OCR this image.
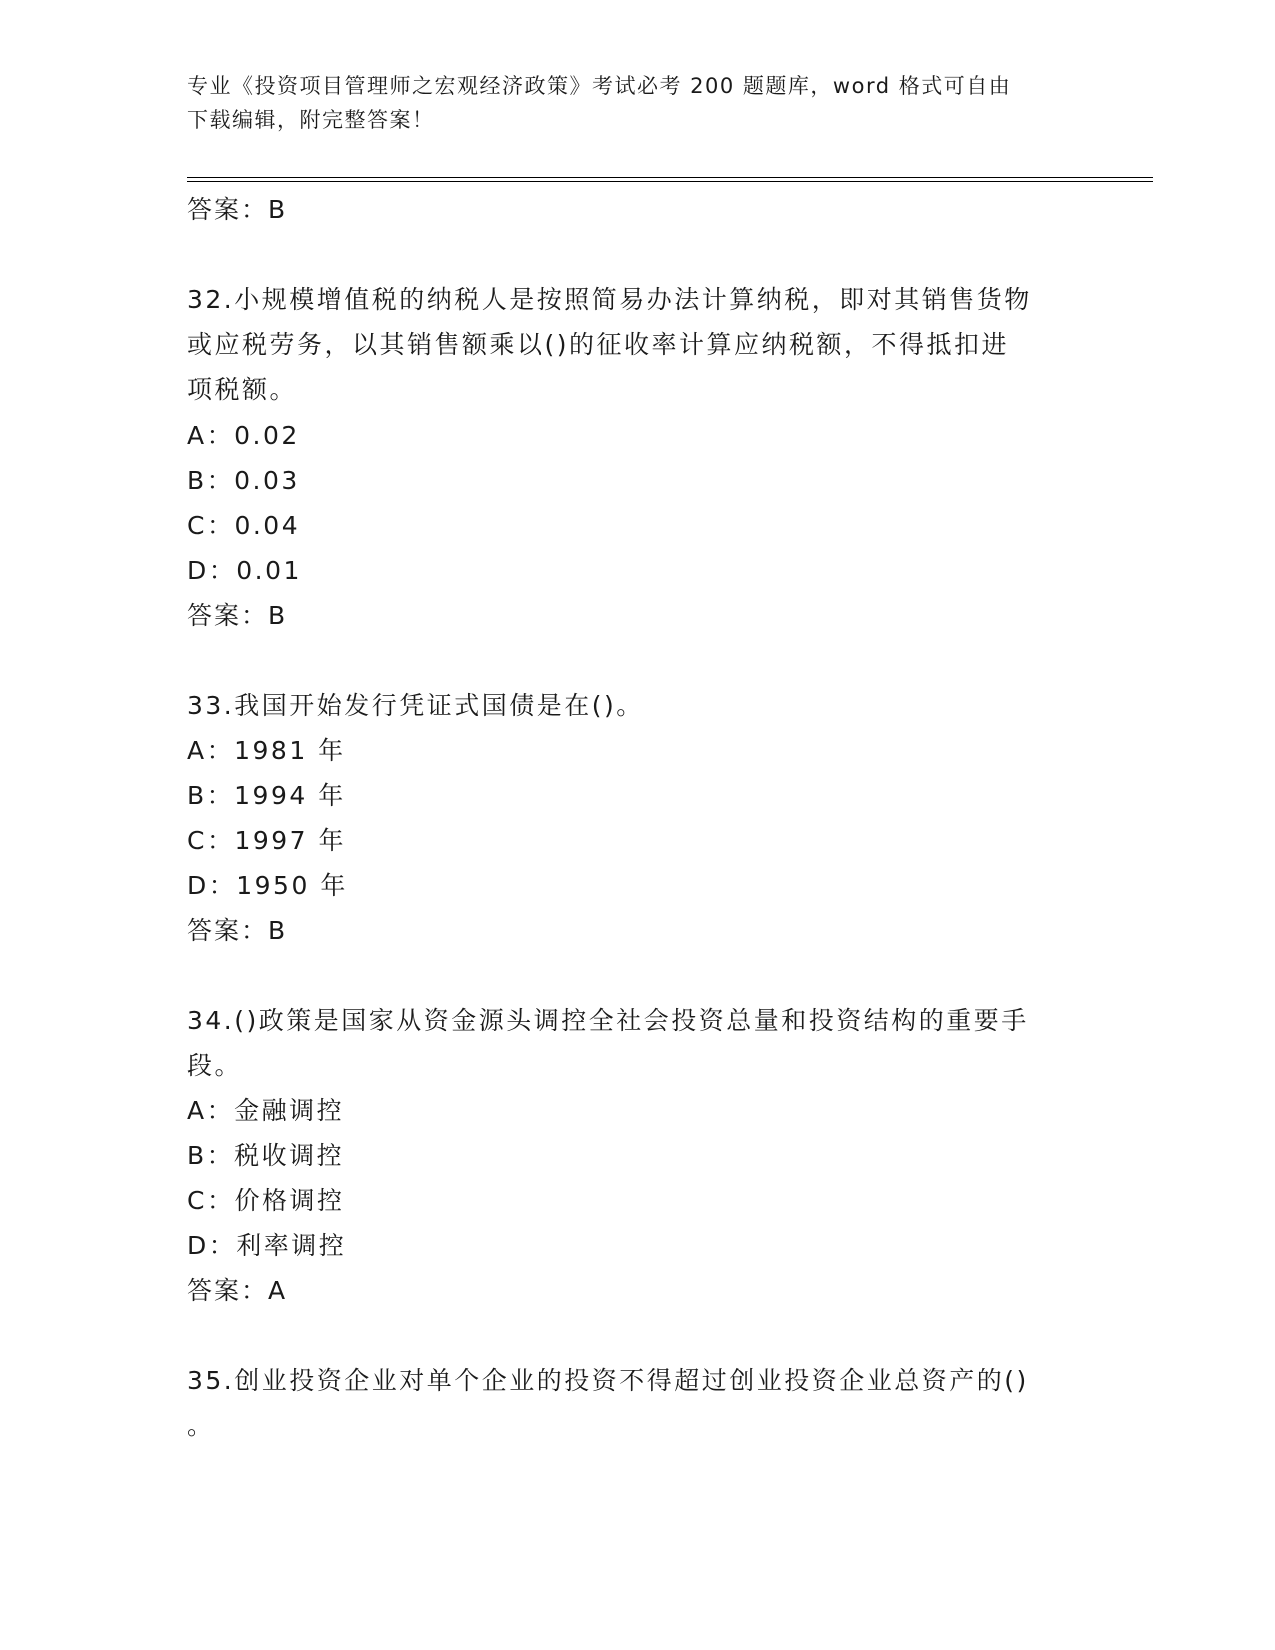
专业《投资项目管理师之宏观经济政策》考试必考 200 题题库，word 格式可自由
下载编辑，附完整答案！
答案：B
32.小规模增值税的纳税人是按照简易办法计算纳税，即对其销售货物
或应税劳务，以其销售额乘以()的征收率计算应纳税额，不得抵扣进
项税额。
A：0.02
B：0.03
C：0.04
D：0.01
答案：B
33.我国开始发行凭证式国债是在()。
A：1981 年
B：1994 年
C：1997 年
D：1950 年
答案：B
34.()政策是国家从资金源头调控全社会投资总量和投资结构的重要手
段。
A：金融调控
B：税收调控
C：价格调控
D：利率调控
答案：A
35.创业投资企业对单个企业的投资不得超过创业投资企业总资产的()
。
